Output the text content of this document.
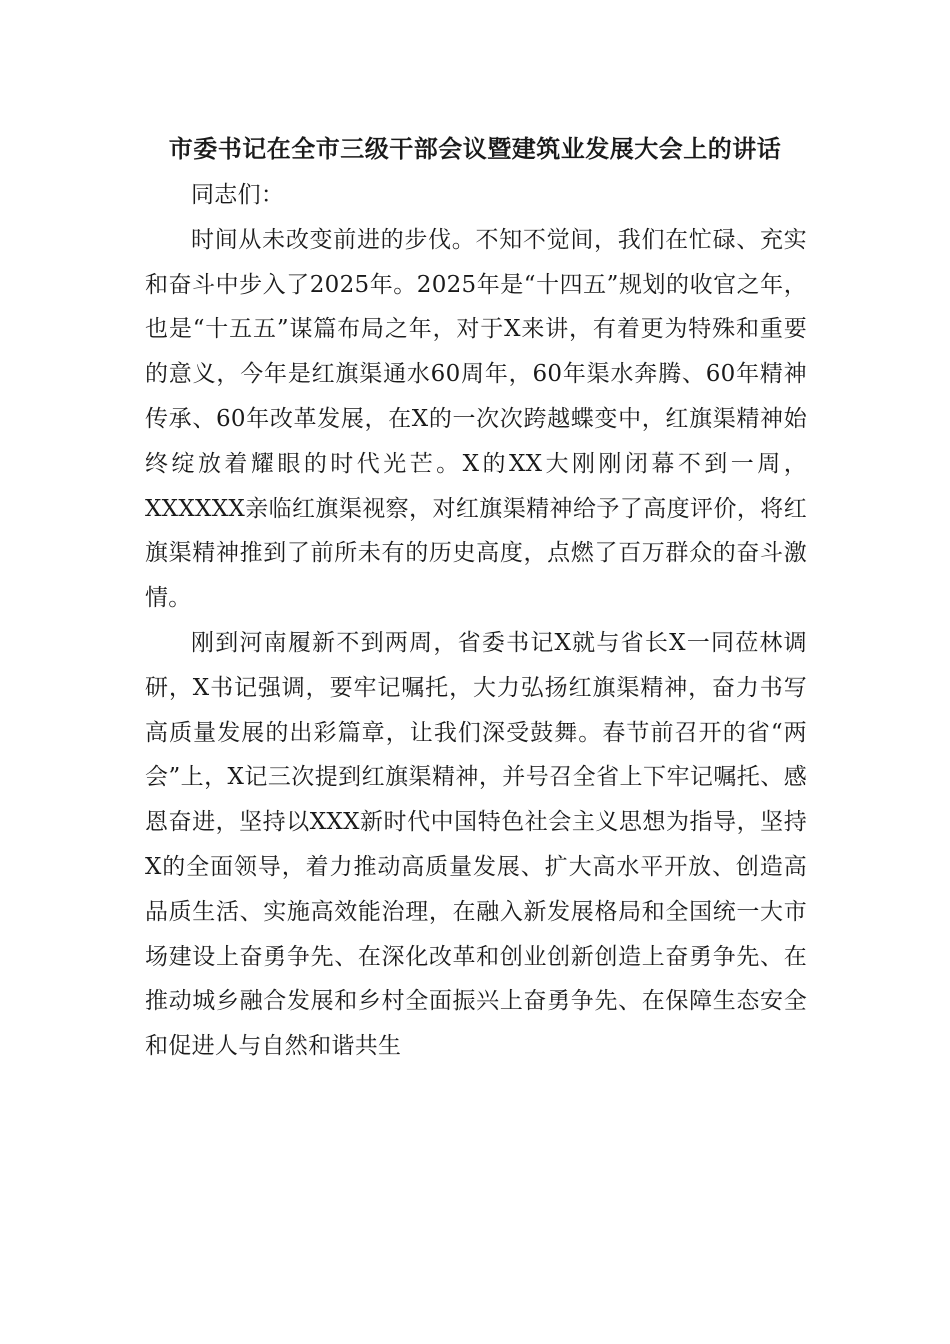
市委书记在全市三级干部会议暨建筑业发展大会上的讲话

同志们：

时间从未改变前进的步伐。不知不觉间，我们在忙碌、充实和奋斗中步入了2025年。2025年是“十四五”规划的收官之年，也是“十五五”谋篇布局之年，对于X来讲，有着更为特殊和重要的意义，今年是红旗渠通水60周年，60年渠水奔腾、60年精神传承、60年改革发展，在X的一次次跨越蝶变中，红旗渠精神始终绽放着耀眼的时代光芒。X的XX大刚刚闭幕不到一周，XXXXXX亲临红旗渠视察，对红旗渠精神给予了高度评价，将红旗渠精神推到了前所未有的历史高度，点燃了百万群众的奋斗激情。

刚到河南履新不到两周，省委书记X就与省长X一同莅林调研，X书记强调，要牢记嘱托，大力弘扬红旗渠精神，奋力书写高质量发展的出彩篇章，让我们深受鼓舞。春节前召开的省“两会”上，X记三次提到红旗渠精神，并号召全省上下牢记嘱托、感恩奋进，坚持以XXX新时代中国特色社会主义思想为指导，坚持X的全面领导，着力推动高质量发展、扩大高水平开放、创造高品质生活、实施高效能治理，在融入新发展格局和全国统一大市场建设上奋勇争先、在深化改革和创业创新创造上奋勇争先、在推动城乡融合发展和乡村全面振兴上奋勇争先、在保障生态安全和促进人与自然和谐共生
